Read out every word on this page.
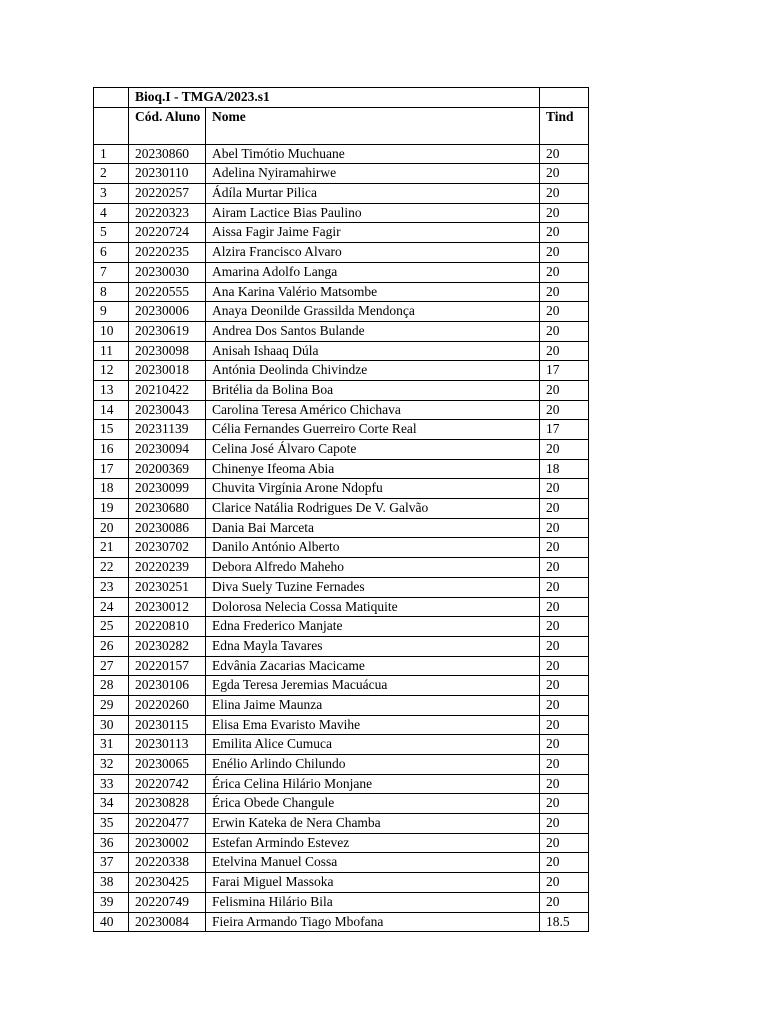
	Bioq.I - TMGA/2023.s1		
	Cód. Aluno	Nome	Tind
1	20230860	Abel Timótio Muchuane	20
2	20230110	Adelina Nyiramahirwe	20
3	20220257	Ádíla Murtar Pilica	20
4	20220323	Airam Lactice Bias Paulino	20
5	20220724	Aissa Fagir Jaime Fagir	20
6	20220235	Alzira Francisco Alvaro	20
7	20230030	Amarina Adolfo Langa	20
8	20220555	Ana Karina Valério Matsombe	20
9	20230006	Anaya Deonilde Grassilda Mendonça	20
10	20230619	Andrea Dos Santos Bulande	20
11	20230098	Anisah Ishaaq Dúla	20
12	20230018	Antónia Deolinda Chivindze	17
13	20210422	Britélia da Bolina Boa	20
14	20230043	Carolina Teresa Américo Chichava	20
15	20231139	Célia Fernandes Guerreiro Corte Real	17
16	20230094	Celina José Álvaro Capote	20
17	20200369	Chinenye Ifeoma Abia	18
18	20230099	Chuvita Virgínia Arone Ndopfu	20
19	20230680	Clarice Natália Rodrigues De V. Galvão	20
20	20230086	Dania Bai Marceta	20
21	20230702	Danilo António Alberto	20
22	20220239	Debora Alfredo Maheho	20
23	20230251	Diva Suely Tuzine Fernades	20
24	20230012	Dolorosa Nelecia Cossa Matiquite	20
25	20220810	Edna Frederico Manjate	20
26	20230282	Edna Mayla Tavares	20
27	20220157	Edvânia Zacarias Macicame	20
28	20230106	Egda Teresa Jeremias Macuácua	20
29	20220260	Elina Jaime Maunza	20
30	20230115	Elisa Ema Evaristo Mavihe	20
31	20230113	Emilita Alice Cumuca	20
32	20230065	Enélio Arlindo Chilundo	20
33	20220742	Érica Celina Hilário Monjane	20
34	20230828	Érica Obede Changule	20
35	20220477	Erwin Kateka de Nera Chamba	20
36	20230002	Estefan Armindo Estevez	20
37	20220338	Etelvina Manuel Cossa	20
38	20230425	Farai Miguel Massoka	20
39	20220749	Felismina Hilário Bila	20
40	20230084	Fieira Armando Tiago Mbofana	18.5
